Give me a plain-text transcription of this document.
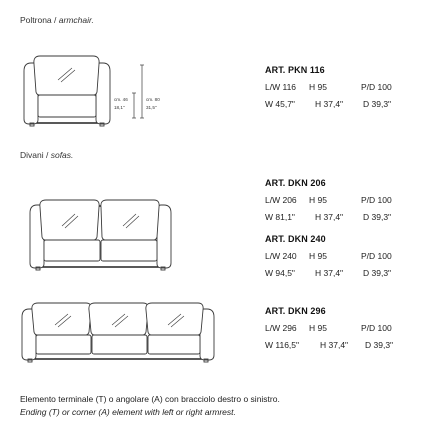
Poltrona / armchair.
cm. 46
18,1"
cm. 80
31,5"
ART. PKN 116
L/W 116 H 95	P/D 100
W 45,7" H 37,4" D 39,3"
Divani / sofas.
ART. DKN 206
L/W 206 H 95	P/D 100
W 81,1" H 37,4" D 39,3"
ART. DKN 240
L/W 240 H 95	P/D 100
W 94,5" H 37,4" D 39,3"
ART. DKN 296
L/W 296 H 95	P/D 100
W 116,5" H 37,4" D 39,3"
Elemento terminale (T) o angolare (A) con bracciolo destro o sinistro.
Ending (T) or corner (A) element with left or right armrest.
